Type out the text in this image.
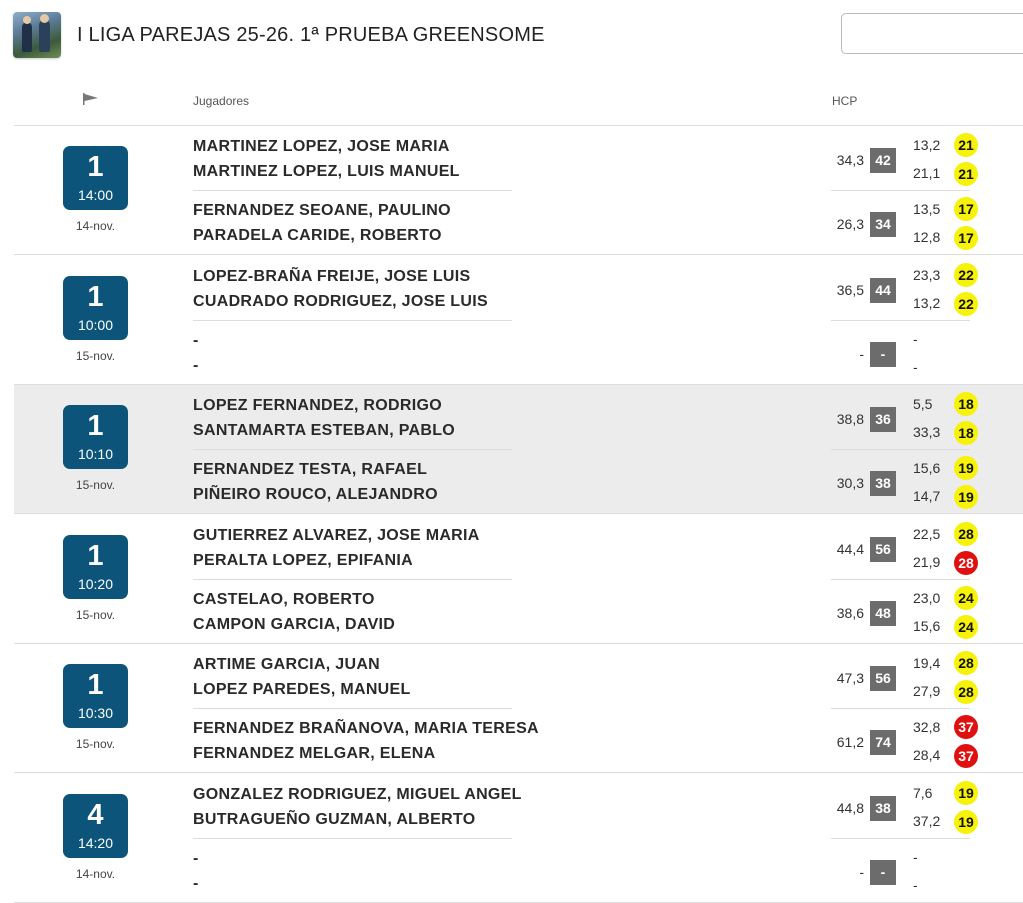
I LIGA PAREJAS 25-26. 1ª PRUEBA GREENSOME
Jugadores	HCP
1
14:00
14-nov.
MARTINEZ LOPEZ, JOSE MARIA
MARTINEZ LOPEZ, LUIS MANUEL
34,3 42
13,2	21
21,1	21
FERNANDEZ SEOANE, PAULINO
PARADELA CARIDE, ROBERTO
26,3 34
13,5	17
12,8	17
1
10:00
15-nov.
LOPEZ-BRAÑA FREIJE, JOSE LUIS
CUADRADO RODRIGUEZ, JOSE LUIS
36,5 44
23,3	22
13,2	22
-
-
-	-
-
-
1
10:10
15-nov.
LOPEZ FERNANDEZ, RODRIGO
SANTAMARTA ESTEBAN, PABLO
38,8 36
5,5	18
33,3	18
FERNANDEZ TESTA, RAFAEL
PIÑEIRO ROUCO, ALEJANDRO
30,3 38
15,6	19
14,7	19
1
10:20
15-nov.
GUTIERREZ ALVAREZ, JOSE MARIA
PERALTA LOPEZ, EPIFANIA
44,4 56
22,5	28
21,9	28
CASTELAO, ROBERTO
CAMPON GARCIA, DAVID
38,6 48
23,0	24
15,6	24
1
10:30
15-nov.
ARTIME GARCIA, JUAN
LOPEZ PAREDES, MANUEL
47,3 56
19,4	28
27,9	28
FERNANDEZ BRAÑANOVA, MARIA TERESA
FERNANDEZ MELGAR, ELENA
61,2 74
32,8	37
28,4	37
4
14:20
14-nov.
GONZALEZ RODRIGUEZ, MIGUEL ANGEL
BUTRAGUEÑO GUZMAN, ALBERTO
44,8 38
7,6	19
37,2	19
-
-
-	-
-
-
